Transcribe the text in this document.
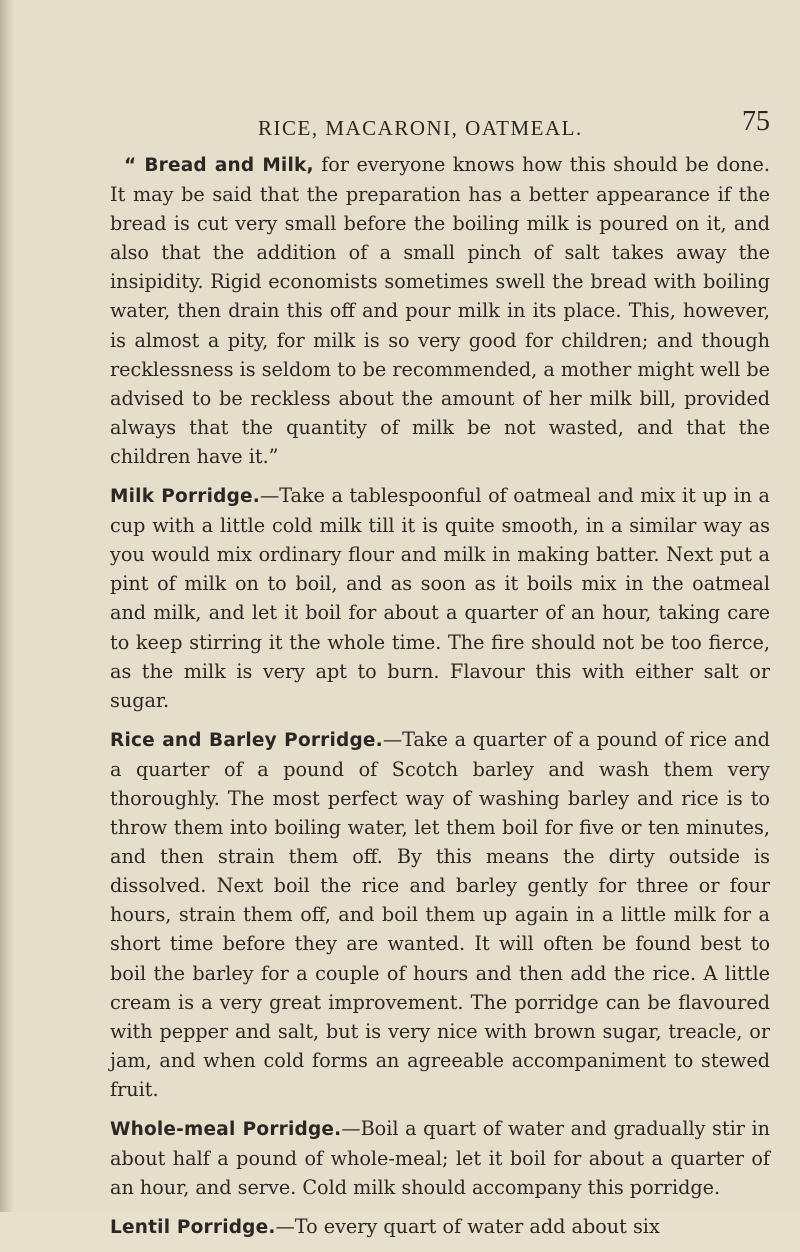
RICE, MACARONI, OATMEAL.	75

“ Bread and Milk, for everyone knows how this should be done. It may be said that the preparation has a better appearance if the bread is cut very small before the boiling milk is poured on it, and also that the addition of a small pinch of salt takes away the insipidity. Rigid economists sometimes swell the bread with boiling water, then drain this off and pour milk in its place. This, however, is almost a pity, for milk is so very good for children; and though recklessness is seldom to be recommended, a mother might well be advised to be reckless about the amount of her milk bill, provided always that the quantity of milk be not wasted, and that the children have it.”

Milk Porridge.—Take a tablespoonful of oatmeal and mix it up in a cup with a little cold milk till it is quite smooth, in a similar way as you would mix ordinary flour and milk in making batter. Next put a pint of milk on to boil, and as soon as it boils mix in the oatmeal and milk, and let it boil for about a quarter of an hour, taking care to keep stirring it the whole time. The fire should not be too fierce, as the milk is very apt to burn. Flavour this with either salt or sugar.

Rice and Barley Porridge.—Take a quarter of a pound of rice and a quarter of a pound of Scotch barley and wash them very thoroughly. The most perfect way of washing barley and rice is to throw them into boiling water, let them boil for five or ten minutes, and then strain them off. By this means the dirty outside is dissolved. Next boil the rice and barley gently for three or four hours, strain them off, and boil them up again in a little milk for a short time before they are wanted. It will often be found best to boil the barley for a couple of hours and then add the rice. A little cream is a very great improvement. The porridge can be flavoured with pepper and salt, but is very nice with brown sugar, treacle, or jam, and when cold forms an agreeable accompaniment to stewed fruit.

Whole-meal Porridge.—Boil a quart of water and gradually stir in about half a pound of whole-meal; let it boil for about a quarter of an hour, and serve. Cold milk should accompany this porridge.

Lentil Porridge.—To every quart of water add about six
